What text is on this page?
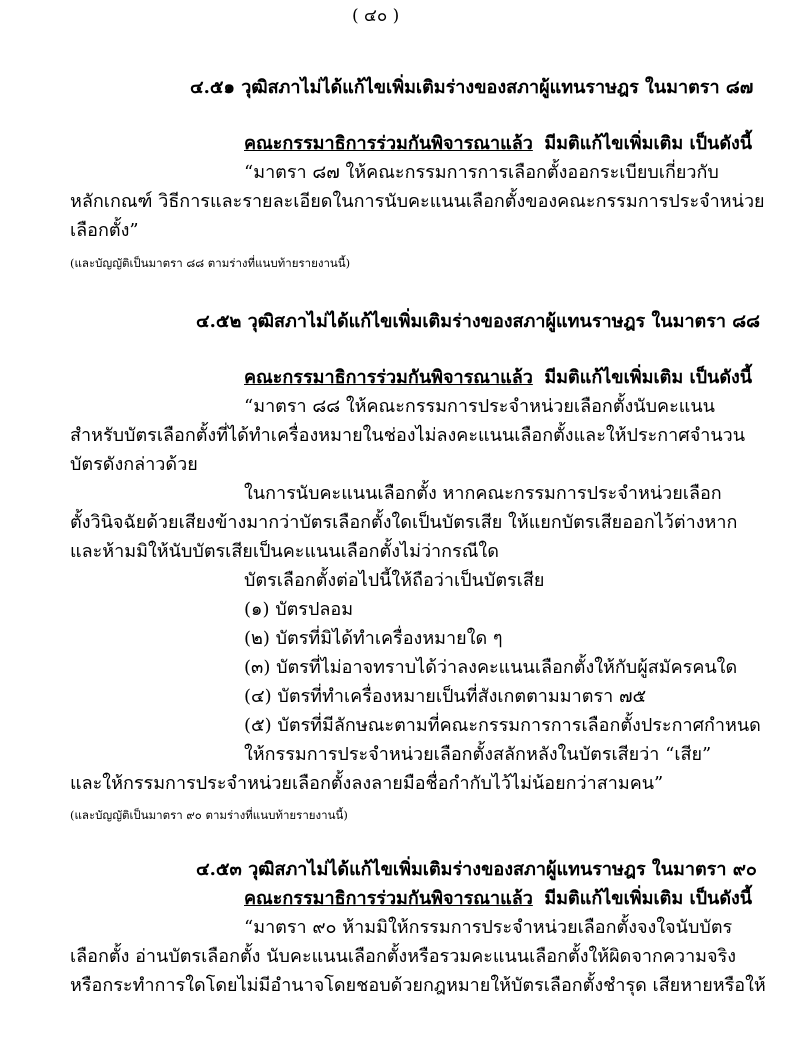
( ๔๐ )
๔.๕๑ วุฒิสภาไม่ได้แก้ไขเพิ่มเติมร่างของสภาผู้แทนราษฎร ในมาตรา ๘๗
คณะกรรมาธิการร่วมกันพิจารณาแล้ว มีมติแก้ไขเพิ่มเติม เป็นดังนี้
“มาตรา ๘๗ ให้คณะกรรมการการเลือกตั้งออกระเบียบเกี่ยวกับ
หลักเกณฑ์ วิธีการและรายละเอียดในการนับคะแนนเลือกตั้งของคณะกรรมการประจำหน่วย
เลือกตั้ง”
(และบัญญัติเป็นมาตรา ๘๘ ตามร่างที่แนบท้ายรายงานนี้)
๔.๕๒ วุฒิสภาไม่ได้แก้ไขเพิ่มเติมร่างของสภาผู้แทนราษฎร ในมาตรา ๘๘
คณะกรรมาธิการร่วมกันพิจารณาแล้ว มีมติแก้ไขเพิ่มเติม เป็นดังนี้
“มาตรา ๘๘ ให้คณะกรรมการประจำหน่วยเลือกตั้งนับคะแนน
สำหรับบัตรเลือกตั้งที่ได้ทำเครื่องหมายในช่องไม่ลงคะแนนเลือกตั้งและให้ประกาศจำนวน
บัตรดังกล่าวด้วย
ในการนับคะแนนเลือกตั้ง หากคณะกรรมการประจำหน่วยเลือก
ตั้งวินิจฉัยด้วยเสียงข้างมากว่าบัตรเลือกตั้งใดเป็นบัตรเสีย ให้แยกบัตรเสียออกไว้ต่างหาก
และห้ามมิให้นับบัตรเสียเป็นคะแนนเลือกตั้งไม่ว่ากรณีใด
บัตรเลือกตั้งต่อไปนี้ให้ถือว่าเป็นบัตรเสีย
(๑) บัตรปลอม
(๒) บัตรที่มิได้ทำเครื่องหมายใด ๆ
(๓) บัตรที่ไม่อาจทราบได้ว่าลงคะแนนเลือกตั้งให้กับผู้สมัครคนใด
(๔) บัตรที่ทำเครื่องหมายเป็นที่สังเกตตามมาตรา ๗๕
(๕) บัตรที่มีลักษณะตามที่คณะกรรมการการเลือกตั้งประกาศกำหนด
ให้กรรมการประจำหน่วยเลือกตั้งสลักหลังในบัตรเสียว่า “เสีย”
และให้กรรมการประจำหน่วยเลือกตั้งลงลายมือชื่อกำกับไว้ไม่น้อยกว่าสามคน”
(และบัญญัติเป็นมาตรา ๙๐ ตามร่างที่แนบท้ายรายงานนี้)
๔.๕๓ วุฒิสภาไม่ได้แก้ไขเพิ่มเติมร่างของสภาผู้แทนราษฎร ในมาตรา ๙๐
คณะกรรมาธิการร่วมกันพิจารณาแล้ว มีมติแก้ไขเพิ่มเติม เป็นดังนี้
“มาตรา ๙๐ ห้ามมิให้กรรมการประจำหน่วยเลือกตั้งจงใจนับบัตร
เลือกตั้ง อ่านบัตรเลือกตั้ง นับคะแนนเลือกตั้งหรือรวมคะแนนเลือกตั้งให้ผิดจากความจริง
หรือกระทำการใดโดยไม่มีอำนาจโดยชอบด้วยกฎหมายให้บัตรเลือกตั้งชำรุด เสียหายหรือให้
